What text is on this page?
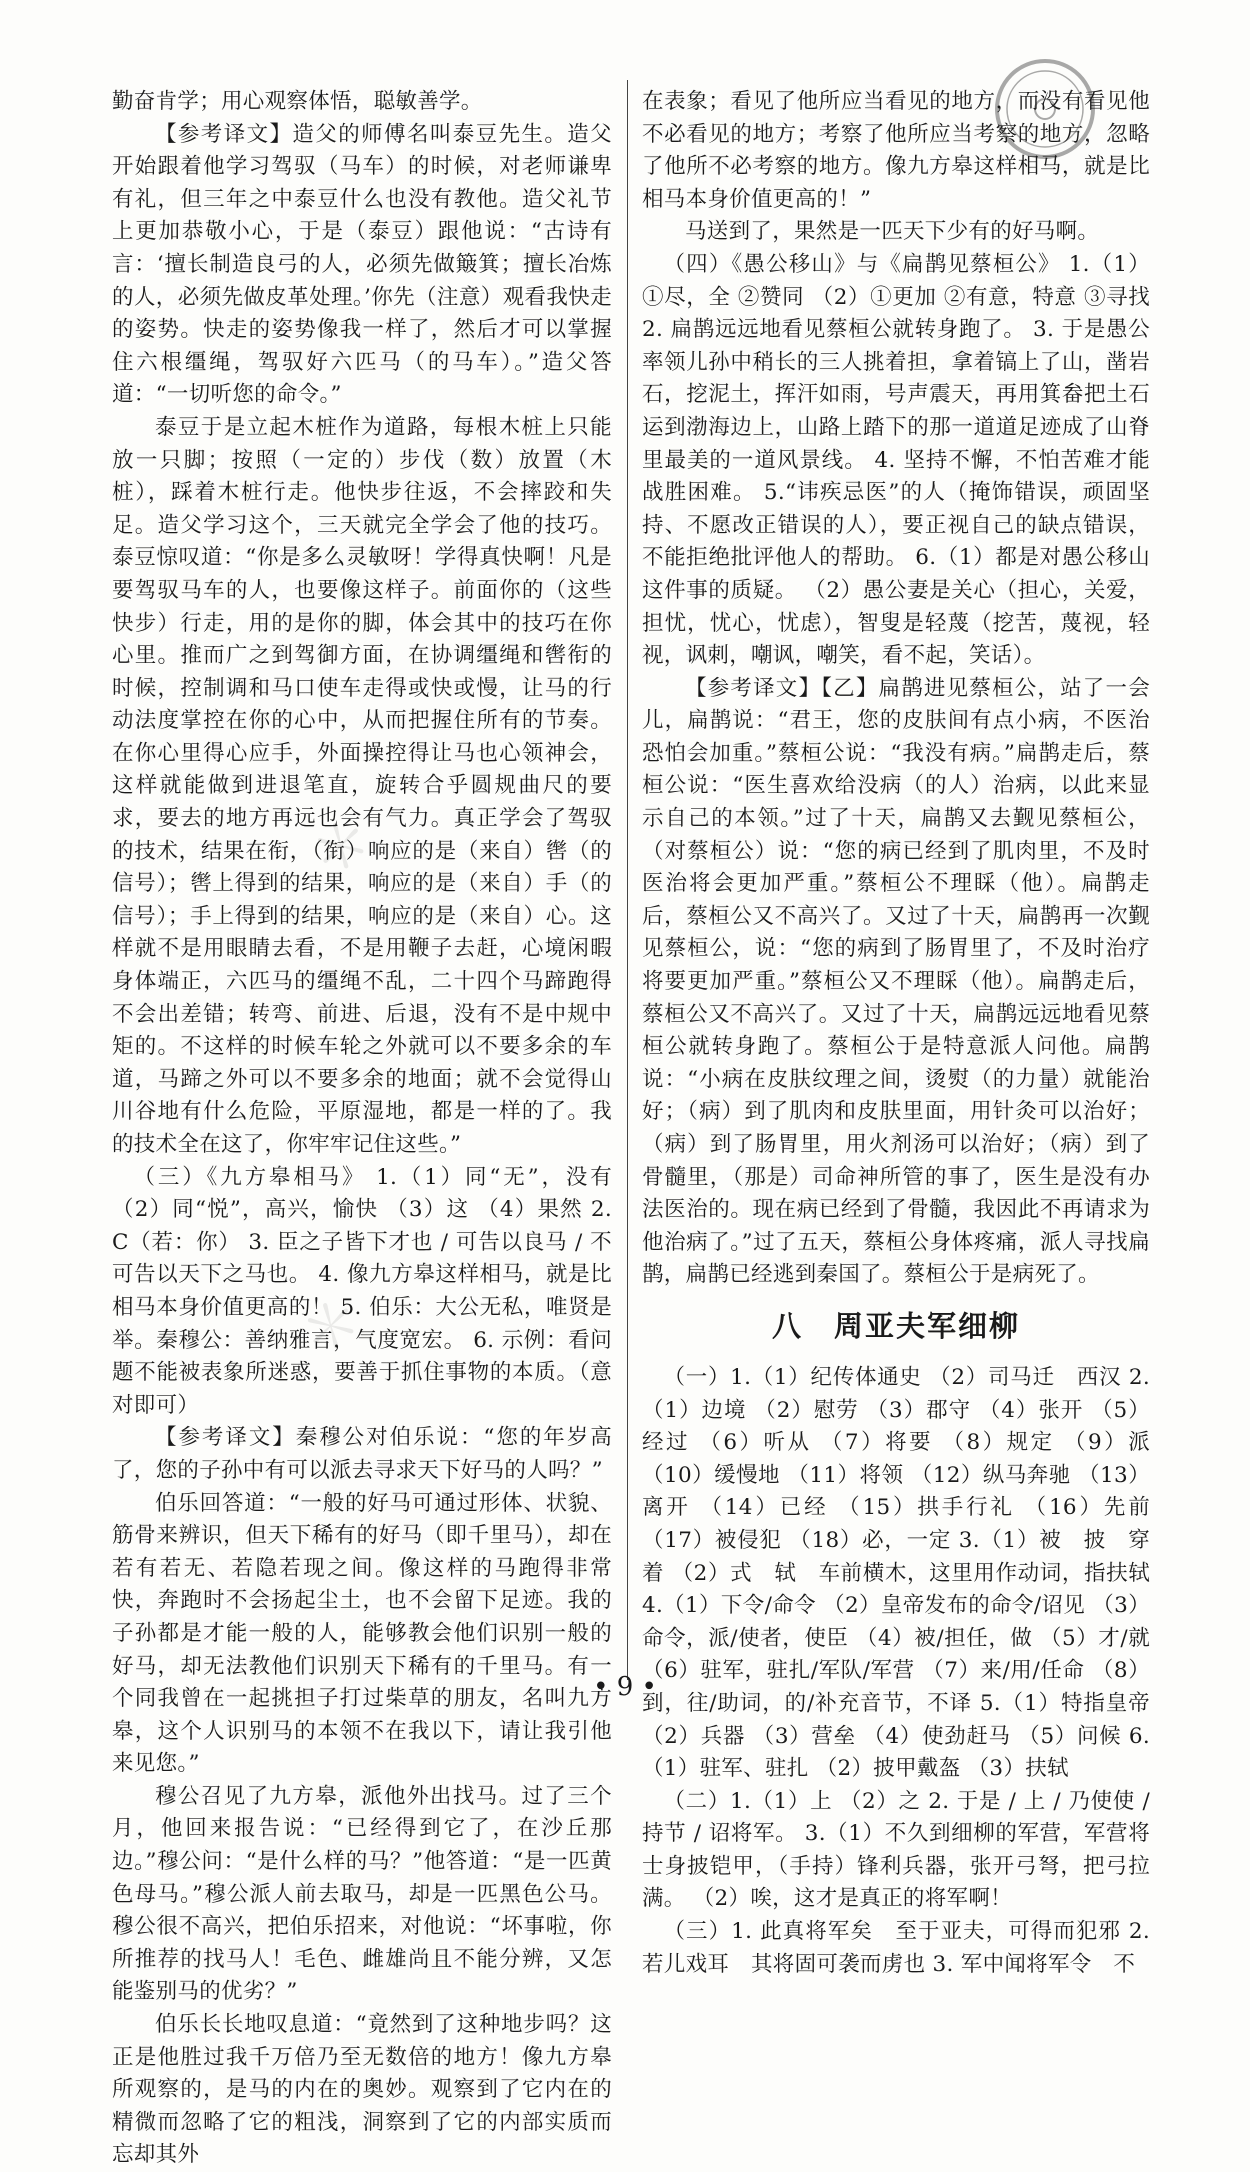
＊
＊

勤奋肯学；用心观察体悟，聪敏善学。

【参考译文】造父的师傅名叫泰豆先生。造父开始跟着他学习驾驭（马车）的时候，对老师谦卑有礼，但三年之中泰豆什么也没有教他。造父礼节上更加恭敬小心，于是（泰豆）跟他说：“古诗有言：‘擅长制造良弓的人，必须先做簸箕；擅长冶炼的人，必须先做皮革处理。’你先（注意）观看我快走的姿势。快走的姿势像我一样了，然后才可以掌握住六根缰绳，驾驭好六匹马（的马车）。”造父答道：“一切听您的命令。”

泰豆于是立起木桩作为道路，每根木桩上只能放一只脚；按照（一定的）步伐（数）放置（木桩），踩着木桩行走。他快步往返，不会摔跤和失足。造父学习这个，三天就完全学会了他的技巧。泰豆惊叹道：“你是多么灵敏呀！学得真快啊！凡是要驾驭马车的人，也要像这样子。前面你的（这些快步）行走，用的是你的脚，体会其中的技巧在你心里。推而广之到驾御方面，在协调缰绳和辔衔的时候，控制调和马口使车走得或快或慢，让马的行动法度掌控在你的心中，从而把握住所有的节奏。在你心里得心应手，外面操控得让马也心领神会，这样就能做到进退笔直，旋转合乎圆规曲尺的要求，要去的地方再远也会有气力。真正学会了驾驭的技术，结果在衔，（衔）响应的是（来自）辔（的信号）；辔上得到的结果，响应的是（来自）手（的信号）；手上得到的结果，响应的是（来自）心。这样就不是用眼睛去看，不是用鞭子去赶，心境闲暇身体端正，六匹马的缰绳不乱，二十四个马蹄跑得不会出差错；转弯、前进、后退，没有不是中规中矩的。不这样的时候车轮之外就可以不要多余的车道，马蹄之外可以不要多余的地面；就不会觉得山川谷地有什么危险，平原湿地，都是一样的了。我的技术全在这了，你牢牢记住这些。”

（三）《九方皋相马》 1.（1）同“无”，没有 （2）同“悦”，高兴，愉快 （3）这 （4）果然 2. C（若：你） 3. 臣之子皆下才也 / 可告以良马 / 不可告以天下之马也。 4. 像九方皋这样相马，就是比相马本身价值更高的！ 5. 伯乐：大公无私，唯贤是举。秦穆公：善纳雅言，气度宽宏。 6. 示例：看问题不能被表象所迷惑，要善于抓住事物的本质。（意对即可）

【参考译文】秦穆公对伯乐说：“您的年岁高了，您的子孙中有可以派去寻求天下好马的人吗？”

伯乐回答道：“一般的好马可通过形体、状貌、筋骨来辨识，但天下稀有的好马（即千里马），却在若有若无、若隐若现之间。像这样的马跑得非常快，奔跑时不会扬起尘土，也不会留下足迹。我的子孙都是才能一般的人，能够教会他们识别一般的好马，却无法教他们识别天下稀有的千里马。有一个同我曾在一起挑担子打过柴草的朋友，名叫九方皋，这个人识别马的本领不在我以下，请让我引他来见您。”

穆公召见了九方皋，派他外出找马。过了三个月，他回来报告说：“已经得到它了，在沙丘那边。”穆公问：“是什么样的马？”他答道：“是一匹黄色母马。”穆公派人前去取马，却是一匹黑色公马。穆公很不高兴，把伯乐招来，对他说：“坏事啦，你所推荐的找马人！毛色、雌雄尚且不能分辨，又怎能鉴别马的优劣？”

伯乐长长地叹息道：“竟然到了这种地步吗？这正是他胜过我千万倍乃至无数倍的地方！像九方皋所观察的，是马的内在的奥妙。观察到了它内在的精微而忽略了它的粗浅，洞察到了它的内部实质而忘却其外

在表象；看见了他所应当看见的地方，而没有看见他不必看见的地方；考察了他所应当考察的地方，忽略了他所不必考察的地方。像九方皋这样相马，就是比相马本身价值更高的！”

马送到了，果然是一匹天下少有的好马啊。

（四）《愚公移山》与《扁鹊见蔡桓公》 1.（1）①尽，全 ②赞同 （2）①更加 ②有意，特意 ③寻找 2. 扁鹊远远地看见蔡桓公就转身跑了。 3. 于是愚公率领儿孙中稍长的三人挑着担，拿着镐上了山，凿岩石，挖泥土，挥汗如雨，号声震天，再用箕畚把土石运到渤海边上，山路上踏下的那一道道足迹成了山脊里最美的一道风景线。 4. 坚持不懈，不怕苦难才能战胜困难。 5.“讳疾忌医”的人（掩饰错误，顽固坚持、不愿改正错误的人），要正视自己的缺点错误，不能拒绝批评他人的帮助。 6.（1）都是对愚公移山这件事的质疑。 （2）愚公妻是关心（担心，关爱，担忧，忧心，忧虑），智叟是轻蔑（挖苦，蔑视，轻视，讽刺，嘲讽，嘲笑，看不起，笑话）。

【参考译文】【乙】扁鹊进见蔡桓公，站了一会儿，扁鹊说：“君王，您的皮肤间有点小病，不医治恐怕会加重。”蔡桓公说：“我没有病。”扁鹊走后，蔡桓公说：“医生喜欢给没病（的人）治病，以此来显示自己的本领。”过了十天，扁鹊又去觐见蔡桓公，（对蔡桓公）说：“您的病已经到了肌肉里，不及时医治将会更加严重。”蔡桓公不理睬（他）。扁鹊走后，蔡桓公又不高兴了。又过了十天，扁鹊再一次觐见蔡桓公，说：“您的病到了肠胃里了，不及时治疗将要更加严重。”蔡桓公又不理睬（他）。扁鹊走后，蔡桓公又不高兴了。又过了十天，扁鹊远远地看见蔡桓公就转身跑了。蔡桓公于是特意派人问他。扁鹊说：“小病在皮肤纹理之间，烫熨（的力量）就能治好；（病）到了肌肉和皮肤里面，用针灸可以治好；（病）到了肠胃里，用火剂汤可以治好；（病）到了骨髓里，（那是）司命神所管的事了，医生是没有办法医治的。现在病已经到了骨髓，我因此不再请求为他治病了。”过了五天，蔡桓公身体疼痛，派人寻找扁鹊，扁鹊已经逃到秦国了。蔡桓公于是病死了。

八　周亚夫军细柳

（一）1.（1）纪传体通史 （2）司马迁　西汉 2.（1）边境 （2）慰劳 （3）郡守 （4）张开 （5）经过 （6）听从 （7）将要 （8）规定 （9）派 （10）缓慢地 （11）将领 （12）纵马奔驰 （13）离开 （14）已经 （15）拱手行礼 （16）先前 （17）被侵犯 （18）必，一定 3.（1）被　披　穿着 （2）式　轼　车前横木，这里用作动词，指扶轼 4.（1）下令/命令 （2）皇帝发布的命令/诏见 （3）命令，派/使者，使臣 （4）被/担任，做 （5）才/就 （6）驻军，驻扎/军队/军营 （7）来/用/任命 （8）到，往/助词，的/补充音节，不译 5.（1）特指皇帝 （2）兵器 （3）营垒 （4）使劲赶马 （5）问候 6.（1）驻军、驻扎 （2）披甲戴盔 （3）扶轼

（二）1.（1）上 （2）之 2. 于是 / 上 / 乃使使 / 持节 / 诏将军。 3.（1）不久到细柳的军营，军营将士身披铠甲，（手持）锋利兵器，张开弓弩，把弓拉满。 （2）唉，这才是真正的将军啊！

（三）1. 此真将军矣　至于亚夫，可得而犯邪 2. 若儿戏耳　其将固可袭而虏也 3. 军中闻将军令　不

• 9 •
